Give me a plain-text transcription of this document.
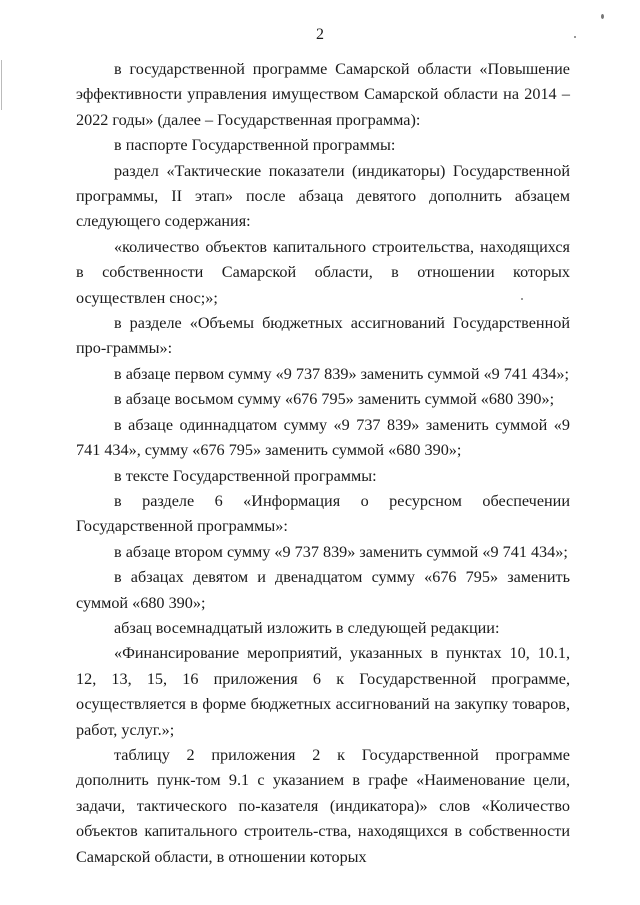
2

в государственной программе Самарской области «Повышение эффективности управления имуществом Самарской области на 2014 – 2022 годы» (далее – Государственная программа):

в паспорте Государственной программы:

раздел «Тактические показатели (индикаторы) Государственной программы, II этап» после абзаца девятого дополнить абзацем следующего содержания:

«количество объектов капитального строительства, находящихся в собственности Самарской области, в отношении которых осуществлен снос;»;

в разделе «Объемы бюджетных ассигнований Государственной про-граммы»:

в абзаце первом сумму «9 737 839» заменить суммой «9 741 434»;

в абзаце восьмом сумму «676 795» заменить суммой «680 390»;

в абзаце одиннадцатом сумму «9 737 839» заменить суммой «9 741 434», сумму «676 795» заменить суммой «680 390»;

в тексте Государственной программы:

в разделе 6 «Информация о ресурсном обеспечении Государственной программы»:

в абзаце втором сумму «9 737 839» заменить суммой «9 741 434»;

в абзацах девятом и двенадцатом сумму «676 795» заменить суммой «680 390»;

абзац восемнадцатый изложить в следующей редакции:

«Финансирование мероприятий, указанных в пунктах 10, 10.1, 12, 13, 15, 16 приложения 6 к Государственной программе, осуществляется в форме бюджетных ассигнований на закупку товаров, работ, услуг.»;

таблицу 2 приложения 2 к Государственной программе дополнить пунк-том 9.1 с указанием в графе «Наименование цели, задачи, тактического по-казателя (индикатора)» слов «Количество объектов капитального строитель-ства, находящихся в собственности Самарской области, в отношении которых
